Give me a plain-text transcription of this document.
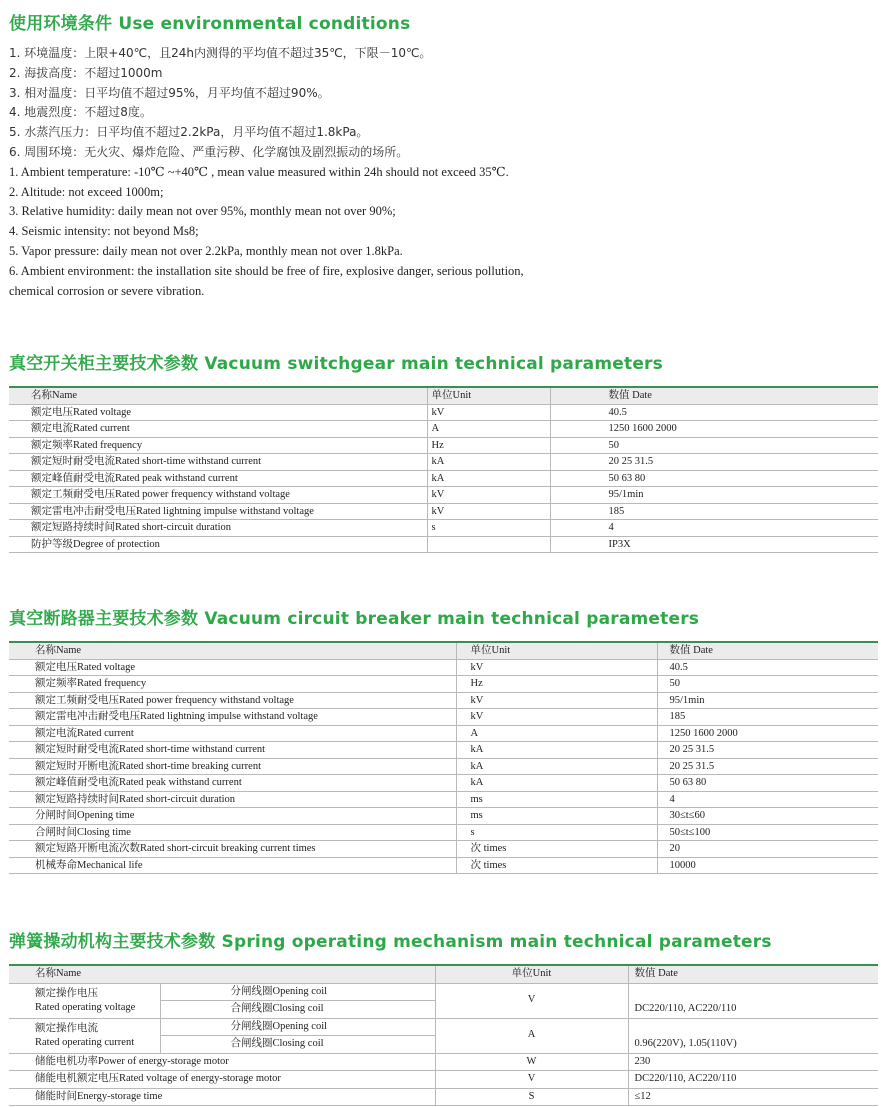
使用环境条件 Use environmental conditions
1. 环境温度：上限+40℃，且24h内测得的平均值不超过35℃，下限－10℃。
2. 海拔高度：不超过1000m
3. 相对温度：日平均值不超过95%，月平均值不超过90%。
4. 地震烈度：不超过8度。
5. 水蒸汽压力：日平均值不超过2.2kPa，月平均值不超过1.8kPa。
6. 周围环境：无火灾、爆炸危险、严重污秽、化学腐蚀及剧烈振动的场所。
1. Ambient temperature: -10℃ ~+40℃ , mean value measured within 24h should not exceed 35℃.
2. Altitude: not exceed 1000m;
3. Relative humidity: daily mean not over 95%, monthly mean not over 90%;
4. Seismic intensity: not beyond Ms8;
5. Vapor pressure: daily mean not over 2.2kPa, monthly mean not over 1.8kPa.
6. Ambient environment: the installation site should be free of fire, explosive danger, serious pollution,
chemical corrosion or severe vibration.
真空开关柜主要技术参数 Vacuum switchgear main technical parameters
名称Name	单位Unit	数值 Date
额定电压Rated voltage	kV	40.5
额定电流Rated current	A	1250 1600 2000
额定频率Rated frequency	Hz	50
额定短时耐受电流Rated short-time withstand current	kA	20 25 31.5
额定峰值耐受电流Rated peak withstand current	kA	50 63 80
额定工频耐受电压Rated power frequency withstand voltage	kV	95/1min
额定雷电冲击耐受电压Rated lightning impulse withstand voltage	kV	185
额定短路持续时间Rated short-circuit duration	s	4
防护等级Degree of protection		IP3X
真空断路器主要技术参数 Vacuum circuit breaker main technical parameters
名称Name	单位Unit	数值 Date
额定电压Rated voltage	kV	40.5
额定频率Rated frequency	Hz	50
额定工频耐受电压Rated power frequency withstand voltage	kV	95/1min
额定雷电冲击耐受电压Rated lightning impulse withstand voltage	kV	185
额定电流Rated current	A	1250 1600 2000
额定短时耐受电流Rated short-time withstand current	kA	20 25 31.5
额定短时开断电流Rated short-time breaking current	kA	20 25 31.5
额定峰值耐受电流Rated peak withstand current	kA	50 63 80
额定短路持续时间Rated short-circuit duration	ms	4
分闸时间Opening time	ms	30≤t≤60
合闸时间Closing time	s	50≤t≤100
额定短路开断电流次数Rated short-circuit breaking current times	次 times	20
机械寿命Mechanical life	次 times	10000
弹簧操动机构主要技术参数 Spring operating mechanism main technical parameters
名称Name		单位Unit	数值 Date

额定操作电压
Rated operating voltage	分闸线圈Opening coil	V	DC220/110, AC220/110
	合闸线圈Closing coil		

额定操作电流
Rated operating current	分闸线圈Opening coil	A	0.96(220V), 1.05(110V)
	合闸线圈Closing coil		
储能电机功率Power of energy-storage motor		W	230
储能电机额定电压Rated voltage of energy-storage motor		V	DC220/110, AC220/110
储能时间Energy-storage time		S	≤12
